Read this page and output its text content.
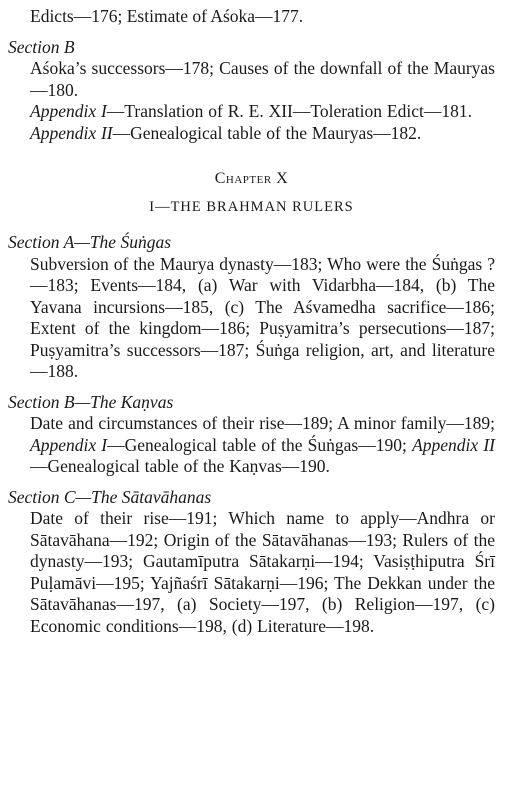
Edicts—176; Estimate of Aśoka—177.
Section B
Aśoka’s successors—178; Causes of the downfall of the Mauryas—180.
Appendix I—Translation of R. E. XII—Toleration Edict—181.
Appendix II—Genealogical table of the Mauryas—182.
Chapter X
I—THE BRAHMAN RULERS
Section A—The Śuṅgas
Subversion of the Maurya dynasty—183; Who were the Śuṅgas ?—183; Events—184, (a) War with Vidarbha—184, (b) The Yavana incursions—185, (c) The Aśvamedha sacrifice—186; Extent of the kingdom—186; Puṣyamitra’s persecutions—187; Puṣyamitra’s successors—187; Śuṅga religion, art, and literature—188.
Section B—The Kaṇvas
Date and circumstances of their rise—189; A minor family—189; Appendix I—Genealogical table of the Śuṅgas—190; Appendix II—Genealogical table of the Kaṇvas—190.
Section C—The Sātavāhanas
Date of their rise—191; Which name to apply—Andhra or Sātavāhana—192; Origin of the Sātavāhanas—193; Rulers of the dynasty—193; Gautamīputra Sātakarṇi—194; Vasiṣṭhiputra Śrī Puḷamāvi—195; Yajñaśrī Sātakarṇi—196; The Dekkan under the Sātavāhanas—197, (a) Society—197, (b) Religion—197, (c) Economic conditions—198, (d) Literature—198.
